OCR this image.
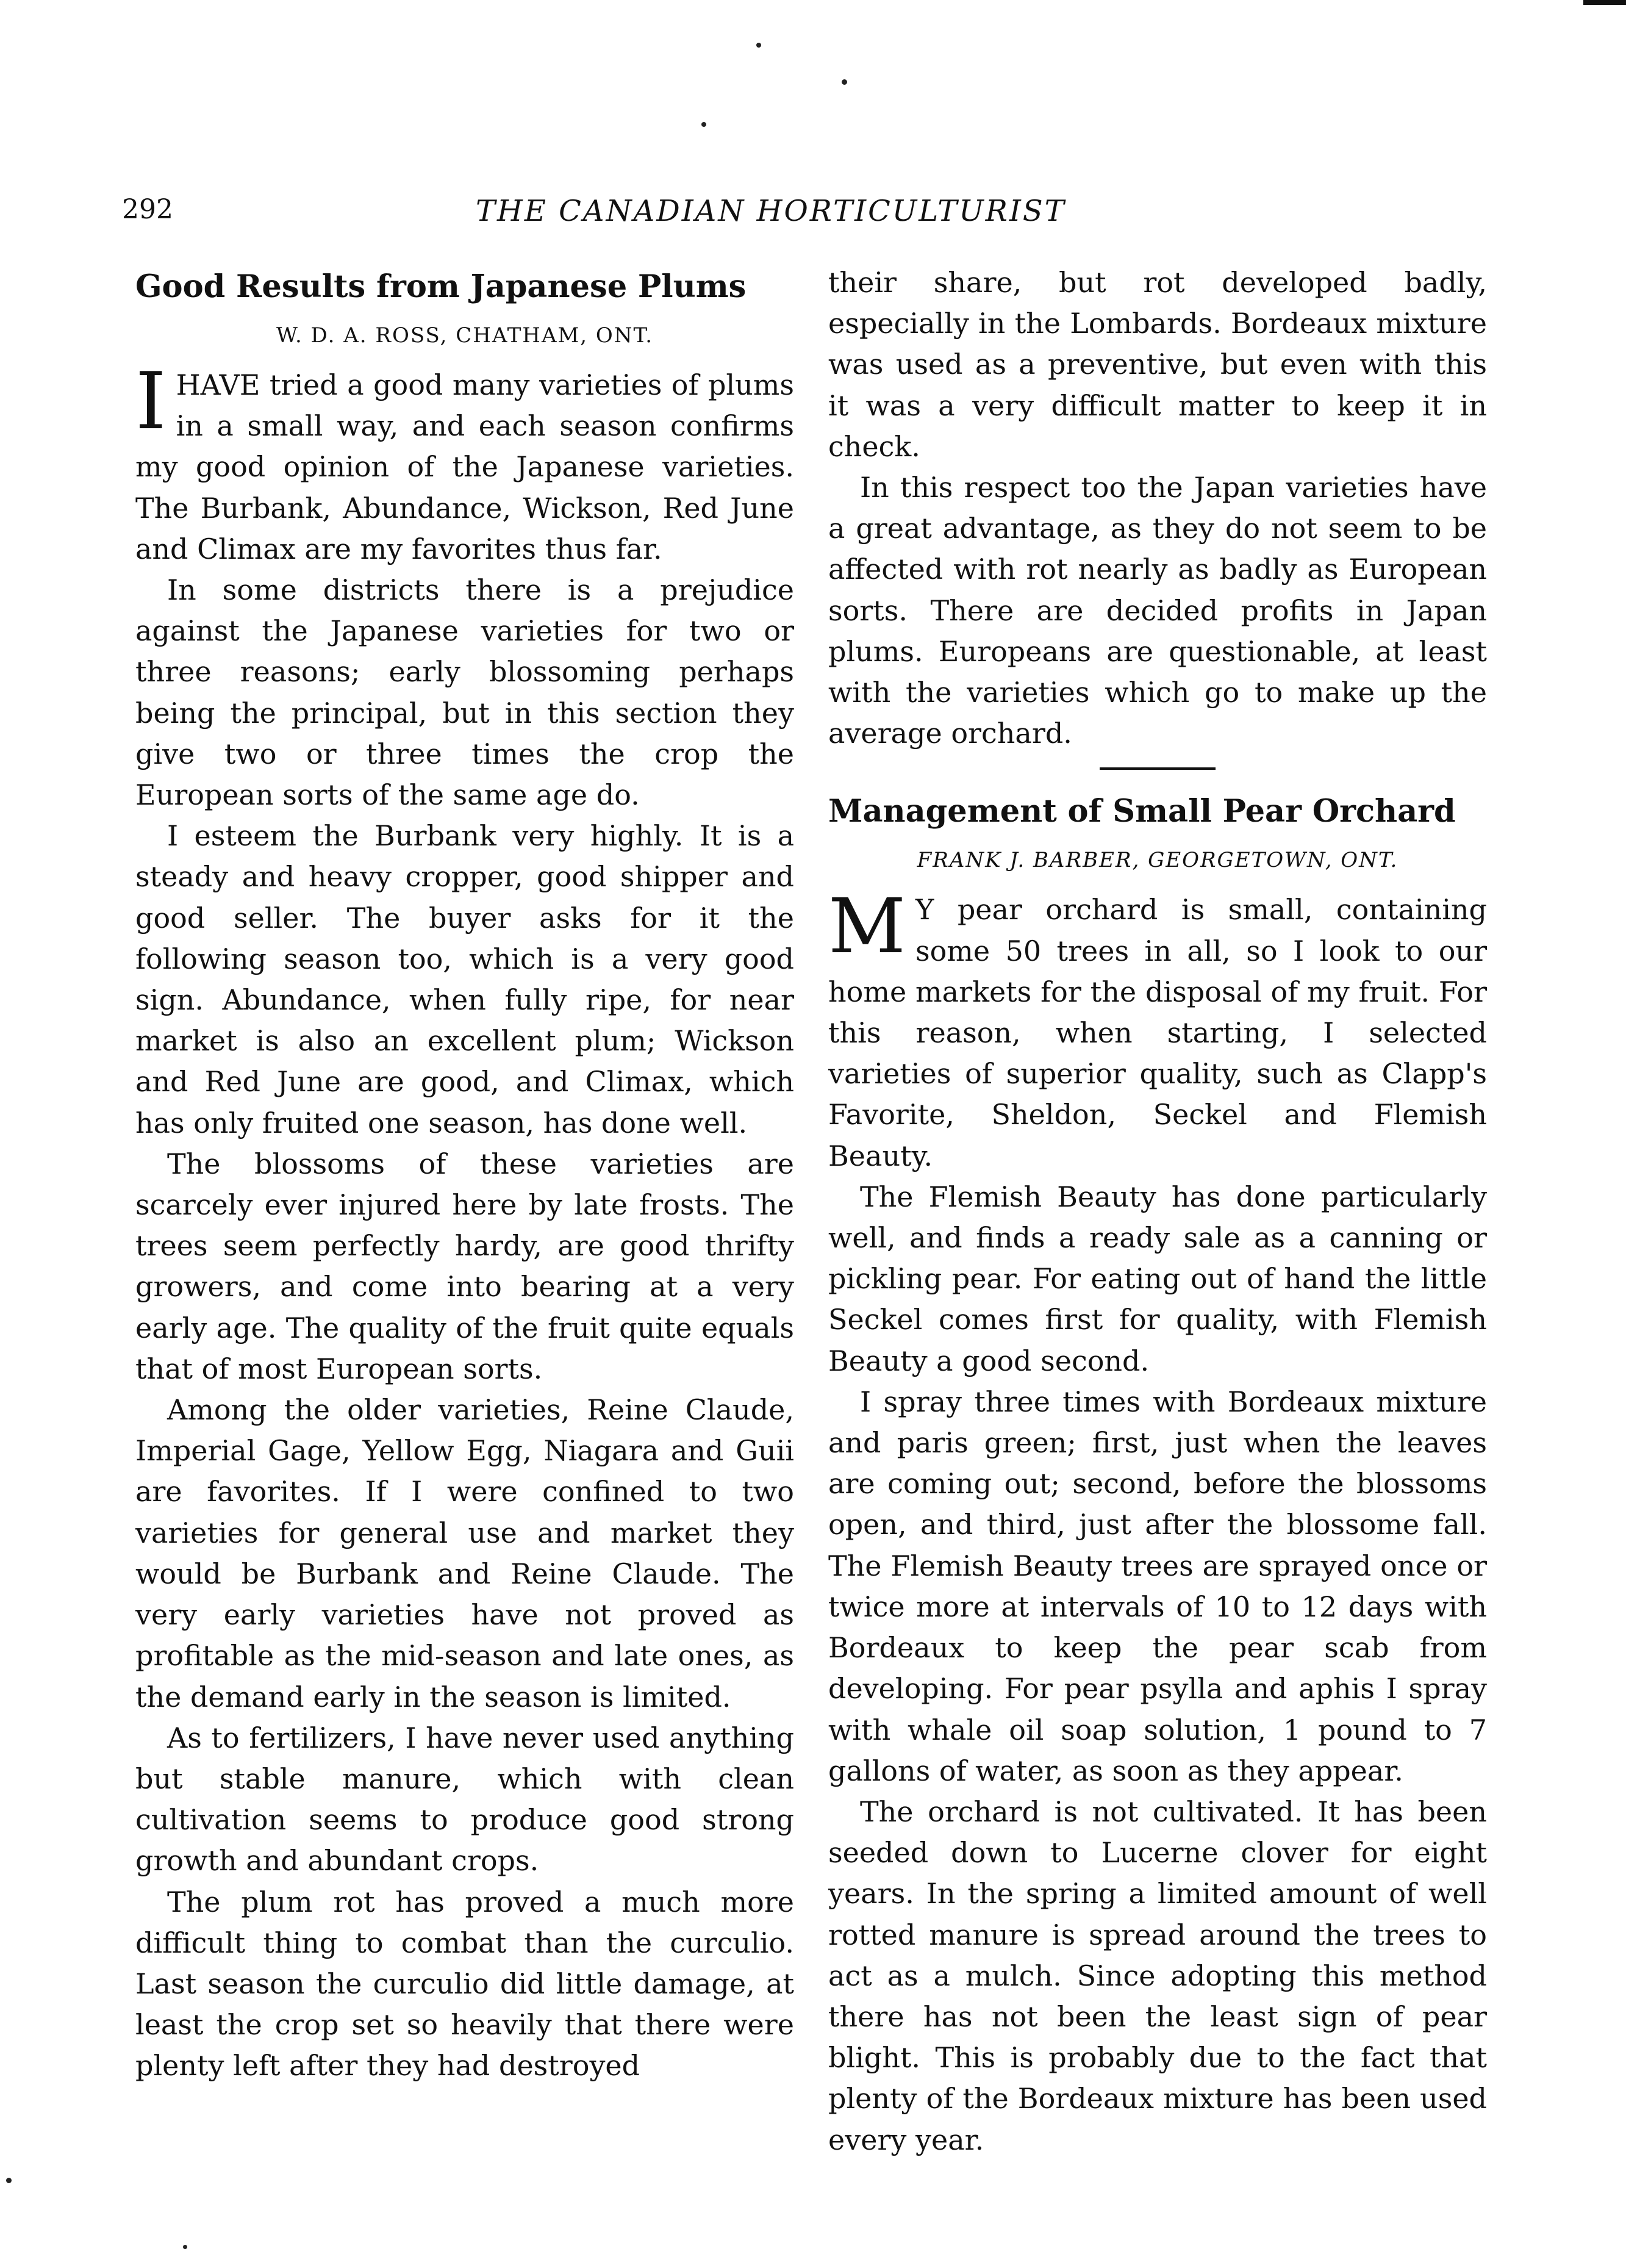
292	THE CANADIAN HORTICULTURIST
Good Results from Japanese Plums
W. D. A. ROSS, CHATHAM, ONT.

IHAVE tried a good many varieties of plums in a small way, and each season confirms my good opinion of the Japanese varieties. The Burbank, Abundance, Wickson, Red June and Climax are my favorites thus far.

In some districts there is a prejudice against the Japanese varieties for two or three reasons; early blossoming perhaps being the principal, but in this section they give two or three times the crop the European sorts of the same age do.

I esteem the Burbank very highly. It is a steady and heavy cropper, good shipper and good seller. The buyer asks for it the following season too, which is a very good sign. Abundance, when fully ripe, for near market is also an excellent plum; Wickson and Red June are good, and Climax, which has only fruited one season, has done well.

The blossoms of these varieties are scarcely ever injured here by late frosts. The trees seem perfectly hardy, are good thrifty growers, and come into bearing at a very early age. The quality of the fruit quite equals that of most European sorts.

Among the older varieties, Reine Claude, Imperial Gage, Yellow Egg, Niagara and Guii are favorites. If I were confined to two varieties for general use and market they would be Burbank and Reine Claude. The very early varieties have not proved as profitable as the mid-season and late ones, as the demand early in the season is limited.

As to fertilizers, I have never used anything but stable manure, which with clean cultivation seems to produce good strong growth and abundant crops.

The plum rot has proved a much more difficult thing to combat than the curculio. Last season the curculio did little damage, at least the crop set so heavily that there were plenty left after they had destroyed

their share, but rot developed badly, especially in the Lombards. Bordeaux mixture was used as a preventive, but even with this it was a very difficult matter to keep it in check.

In this respect too the Japan varieties have a great advantage, as they do not seem to be affected with rot nearly as badly as European sorts. There are decided profits in Japan plums. Europeans are questionable, at least with the varieties which go to make up the average orchard.

Management of Small Pear Orchard
FRANK J. BARBER, GEORGETOWN, ONT.

M Y pear orchard is small, containing some 50 trees in all, so I look to our home markets for the disposal of my fruit. For this reason, when starting, I selected varieties of superior quality, such as Clapp's Favorite, Sheldon, Seckel and Flemish Beauty.

The Flemish Beauty has done particularly well, and finds a ready sale as a canning or pickling pear. For eating out of hand the little Seckel comes first for quality, with Flemish Beauty a good second.

I spray three times with Bordeaux mixture and paris green; first, just when the leaves are coming out; second, before the blossoms open, and third, just after the blossome fall. The Flemish Beauty trees are sprayed once or twice more at intervals of 10 to 12 days with Bordeaux to keep the pear scab from developing. For pear psylla and aphis I spray with whale oil soap solution, 1 pound to 7 gallons of water, as soon as they appear.

The orchard is not cultivated. It has been seeded down to Lucerne clover for eight years. In the spring a limited amount of well rotted manure is spread around the trees to act as a mulch. Since adopting this method there has not been the least sign of pear blight. This is probably due to the fact that plenty of the Bordeaux mixture has been used every year.
